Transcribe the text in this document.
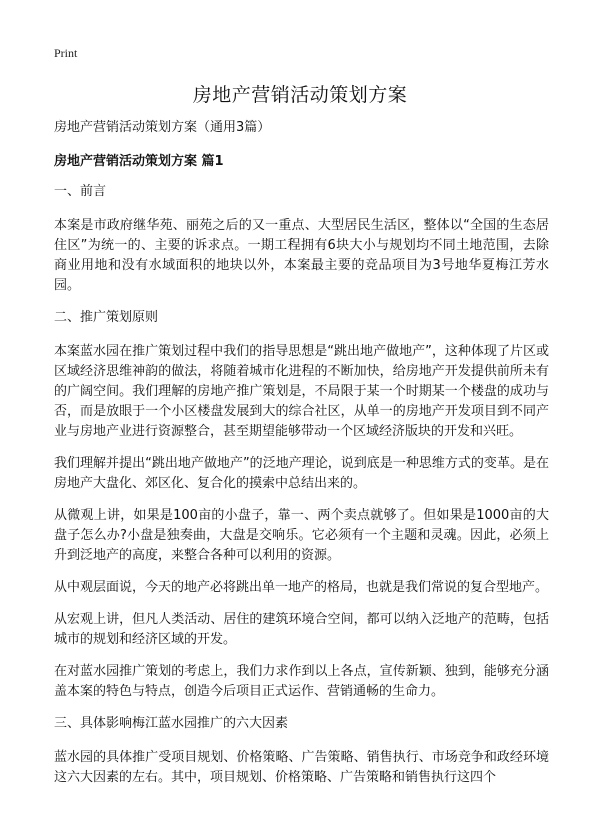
Print
房地产营销活动策划方案

房地产营销活动策划方案（通用3篇）

房地产营销活动策划方案 篇1

一、前言

本案是市政府继华苑、丽苑之后的又一重点、大型居民生活区，整体以“全国的生态居住区”为统一的、主要的诉求点。一期工程拥有6块大小与规划均不同土地范围，去除商业用地和没有水域面积的地块以外，本案最主要的竞品项目为3号地华夏梅江芳水园。

二、推广策划原则

本案蓝水园在推广策划过程中我们的指导思想是“跳出地产做地产”，这种体现了片区或区域经济思维神韵的做法，将随着城市化进程的不断加快，给房地产开发提供前所未有的广阔空间。我们理解的房地产推广策划是，不局限于某一个时期某一个楼盘的成功与否，而是放眼于一个小区楼盘发展到大的综合社区，从单一的房地产开发项目到不同产业与房地产业进行资源整合，甚至期望能够带动一个区域经济版块的开发和兴旺。

我们理解并提出“跳出地产做地产”的泛地产理论，说到底是一种思维方式的变革。是在房地产大盘化、郊区化、复合化的摸索中总结出来的。

从微观上讲，如果是100亩的小盘子，靠一、两个卖点就够了。但如果是1000亩的大盘子怎么办?小盘是独奏曲，大盘是交响乐。它必须有一个主题和灵魂。因此，必须上升到泛地产的高度，来整合各种可以利用的资源。

从中观层面说，今天的地产必将跳出单一地产的格局，也就是我们常说的复合型地产。

从宏观上讲，但凡人类活动、居住的建筑环境合空间，都可以纳入泛地产的范畴，包括城市的规划和经济区域的开发。

在对蓝水园推广策划的考虑上，我们力求作到以上各点，宣传新颖、独到，能够充分涵盖本案的特色与特点，创造今后项目正式运作、营销通畅的生命力。

三、具体影响梅江蓝水园推广的六大因素

蓝水园的具体推广受项目规划、价格策略、广告策略、销售执行、市场竞争和政经环境这六大因素的左右。其中，项目规划、价格策略、广告策略和销售执行这四个
